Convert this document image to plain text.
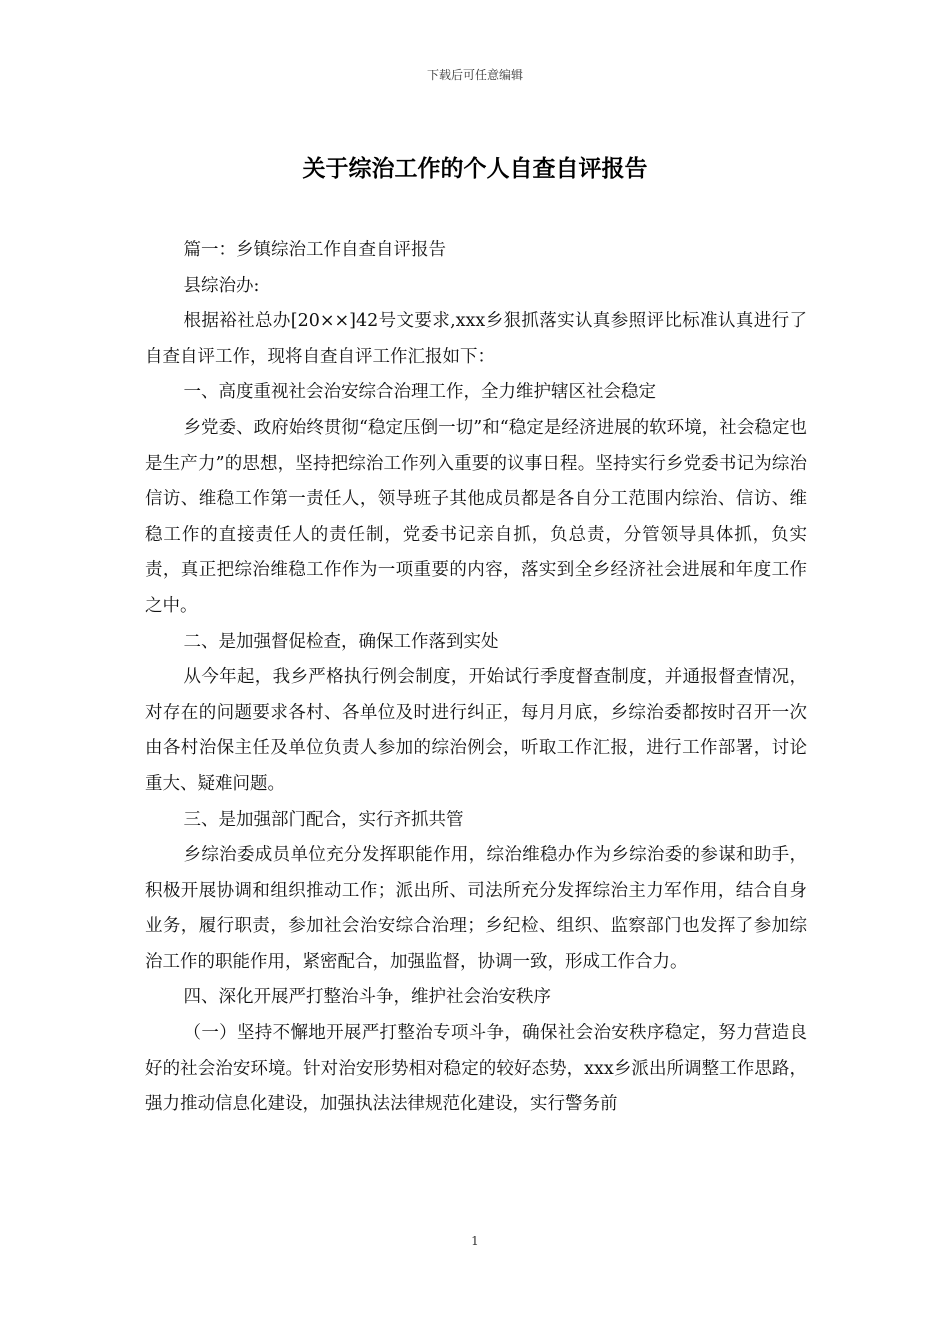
下载后可任意编辑
关于综治工作的个人自查自评报告

篇一：乡镇综治工作自查自评报告

县综治办:

根据裕社总办[20××]42号文要求,xxx乡狠抓落实认真参照评比标准认真进行了自查自评工作，现将自查自评工作汇报如下：

一、高度重视社会治安综合治理工作，全力维护辖区社会稳定

乡党委、政府始终贯彻“稳定压倒一切”和“稳定是经济进展的软环境，社会稳定也是生产力”的思想，坚持把综治工作列入重要的议事日程。坚持实行乡党委书记为综治信访、维稳工作第一责任人，领导班子其他成员都是各自分工范围内综治、信访、维稳工作的直接责任人的责任制，党委书记亲自抓，负总责，分管领导具体抓，负实责，真正把综治维稳工作作为一项重要的内容，落实到全乡经济社会进展和年度工作之中。

二、是加强督促检查，确保工作落到实处

从今年起，我乡严格执行例会制度，开始试行季度督查制度，并通报督查情况，对存在的问题要求各村、各单位及时进行纠正，每月月底，乡综治委都按时召开一次由各村治保主任及单位负责人参加的综治例会，听取工作汇报，进行工作部署，讨论重大、疑难问题。

三、是加强部门配合，实行齐抓共管

乡综治委成员单位充分发挥职能作用，综治维稳办作为乡综治委的参谋和助手，积极开展协调和组织推动工作；派出所、司法所充分发挥综治主力军作用，结合自身业务，履行职责，参加社会治安综合治理；乡纪检、组织、监察部门也发挥了参加综治工作的职能作用，紧密配合，加强监督，协调一致，形成工作合力。

四、深化开展严打整治斗争，维护社会治安秩序

（一）坚持不懈地开展严打整治专项斗争，确保社会治安秩序稳定，努力营造良好的社会治安环境。针对治安形势相对稳定的较好态势，xxx乡派出所调整工作思路，强力推动信息化建设，加强执法法律规范化建设，实行警务前

1
